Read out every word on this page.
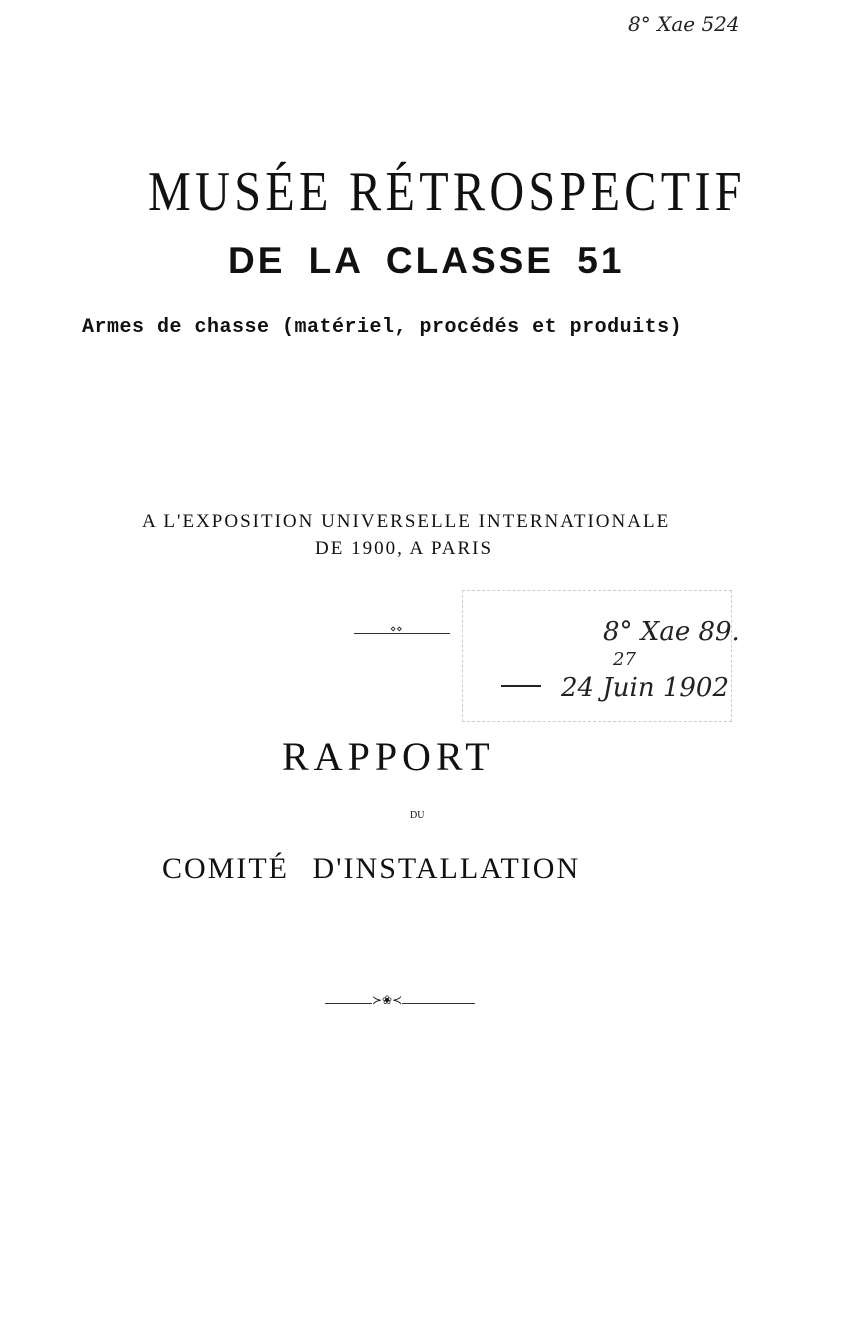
8° Xae 524
MUSÉE RÉTROSPECTIF
DE LA CLASSE 51
Armes de chasse (matériel, procédés et produits)
A L'EXPOSITION UNIVERSELLE INTERNATIONALE
DE 1900, A PARIS
⋄⋄	8° Xae 89.
27
24 Juin 1902
RAPPORT
DU
COMITÉ D'INSTALLATION
≻❀≺
